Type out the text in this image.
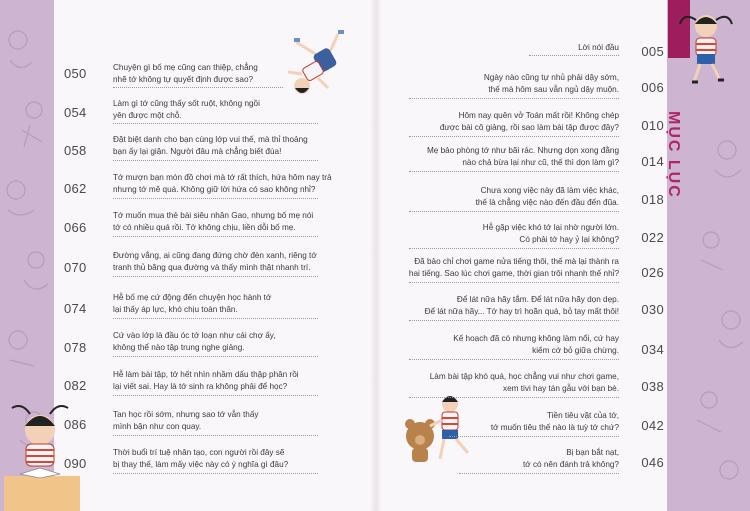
MỤC LỤC
050	Chuyện gì bố mẹ cũng can thiệp, chẳng
nhẽ tớ không tự quyết định được sao?
054
Làm gì tớ cũng thấy sốt ruột, không ngồi
yên được một chỗ.
058
Đặt biệt danh cho bạn cùng lớp vui thế, mà thỉ thoảng
bạn ấy lại giận. Người đâu mà chẳng biết đùa!
062
Tớ mượn bạn món đồ chơi mà tớ rất thích, hứa hôm nay trả
nhưng tớ mê quá. Không giữ lời hứa có sao không nhỉ?
066
Tớ muốn mua thẻ bài siêu nhân Gao, nhưng bố mẹ nói
tớ có nhiều quá rồi. Tớ không chịu, liền dỗi bố mẹ.
070
Đường vắng, ai cũng đang đứng chờ đèn xanh, riêng tớ
tranh thủ băng qua đường và thấy mình thật nhanh trí.
074
Hễ bố mẹ cứ động đến chuyện học hành tớ
lại thấy áp lực, khó chịu toàn thân.
078
Cứ vào lớp là đầu óc tớ loạn như cái chợ ấy,
không thể nào tập trung nghe giảng.
082
Hễ làm bài tập, tớ hết nhìn nhầm dấu thập phân rồi
lại viết sai. Hay là tớ sinh ra không phải để học?
086
Tan học rồi sớm, nhưng sao tớ vẫn thấy
mình bận như con quay.
090
Thời buổi trí tuệ nhân tạo, con người rồi đây sẽ
bị thay thế, làm mấy việc này có ý nghĩa gì đâu?
005
Lời nói đầu
006
Ngày nào cũng tự nhủ phải dậy sớm,
thế mà hôm sau vẫn ngủ dậy muộn.
010
Hôm nay quên vở Toán mất rồi! Không chép
được bài cô giảng, rồi sao làm bài tập được đây?
014
Mẹ bảo phòng tớ như bãi rác. Nhưng dọn xong đằng
nào chả bừa lại như cũ, thế thì dọn làm gì?
018
Chưa xong việc này đã làm việc khác,
thế là chẳng việc nào đến đầu đến đũa.
022
Hễ gặp việc khó tớ lại nhờ người lớn.
Có phải tớ hay ỷ lại không?
026
Đã bảo chỉ chơi game nửa tiếng thôi, thế mà lại thành ra
hai tiếng. Sao lúc chơi game, thời gian trôi nhanh thế nhỉ?
030
Để lát nữa hãy tắm. Để lát nữa hãy dọn dẹp.
Để lát nữa hãy... Tớ hay trì hoãn quá, bỏ tay mất thôi!
034
Kế hoạch đã có nhưng không làm nổi, cứ hay
kiếm cớ bỏ giữa chừng.
038
Làm bài tập khó quá, học chẳng vui như chơi game,
xem tivi hay tán gẫu với bạn bè.
042
Tiền tiêu vặt của tớ,
tớ muốn tiêu thế nào là tuỳ tớ chứ?
046
Bị bạn bắt nạt,
tớ có nên đánh trả không?
